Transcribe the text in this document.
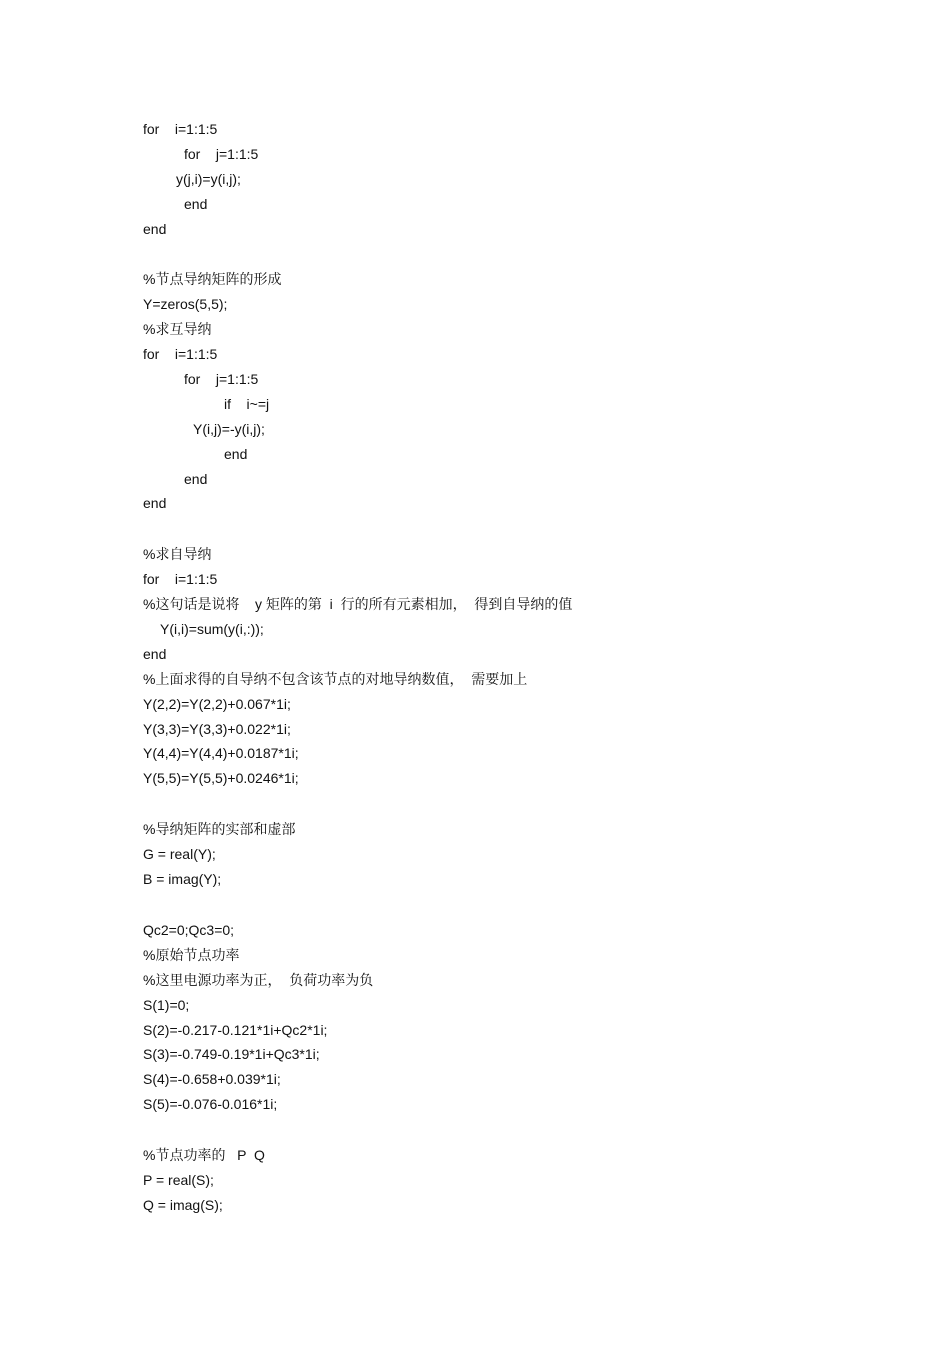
for    i=1:1:5
for    j=1:1:5
y(j,i)=y(i,j);
end
end
%节点导纳矩阵的形成
Y=zeros(5,5);
%求互导纳
for    i=1:1:5
for    j=1:1:5
if    i~=j
Y(i,j)=-y(i,j);
end
end
end
%求自导纳
for    i=1:1:5
%这句话是说将    y 矩阵的第  i  行的所有元素相加，  得到自导纳的值
Y(i,i)=sum(y(i,:));
end
%上面求得的自导纳不包含该节点的对地导纳数值，  需要加上
Y(2,2)=Y(2,2)+0.067*1i;
Y(3,3)=Y(3,3)+0.022*1i;
Y(4,4)=Y(4,4)+0.0187*1i;
Y(5,5)=Y(5,5)+0.0246*1i;
%导纳矩阵的实部和虚部
G = real(Y);
B = imag(Y);
Qc2=0;Qc3=0;
%原始节点功率
%这里电源功率为正，  负荷功率为负
S(1)=0;
S(2)=-0.217-0.121*1i+Qc2*1i;
S(3)=-0.749-0.19*1i+Qc3*1i;
S(4)=-0.658+0.039*1i;
S(5)=-0.076-0.016*1i;
%节点功率的   P  Q
P = real(S);
Q = imag(S);
